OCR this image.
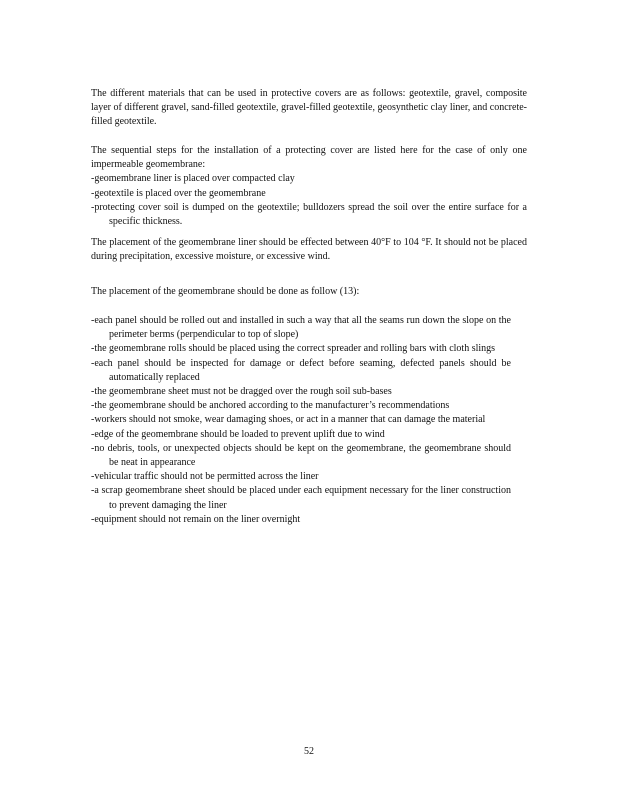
The different materials that can be used in protective covers are as follows: geotextile, gravel, composite layer of different gravel, sand-filled geotextile, gravel-filled geotextile, geosynthetic clay liner, and concrete-filled geotextile.

The sequential steps for the installation of a protecting cover are listed here for the case of only one impermeable geomembrane:

-geomembrane liner is placed over compacted clay
-geotextile is placed over the geomembrane
-protecting cover soil is dumped on the geotextile; bulldozers spread the soil over the entire surface for a specific thickness.

The placement of the geomembrane liner should be effected between 40°F to 104 °F. It should not be placed during precipitation, excessive moisture, or excessive wind.

The placement of the geomembrane should be done as follow (13):

-each panel should be rolled out and installed in such a way that all the seams run down the slope on the perimeter berms (perpendicular to top of slope)
-the geomembrane rolls should be placed using the correct spreader and rolling bars with cloth slings
-each panel should be inspected for damage or defect before seaming, defected panels should be automatically replaced
-the geomembrane sheet must not be dragged over the rough soil sub-bases
-the geomembrane should be anchored according to the manufacturer’s recommendations
-workers should not smoke, wear damaging shoes, or act in a manner that can damage the material
-edge of the geomembrane should be loaded to prevent uplift due to wind
-no debris, tools, or unexpected objects should be kept on the geomembrane, the geomembrane should be neat in appearance
-vehicular traffic should not be permitted across the liner
-a scrap geomembrane sheet should be placed under each equipment necessary for the liner construction to prevent damaging the liner
-equipment should not remain on the liner overnight
52
